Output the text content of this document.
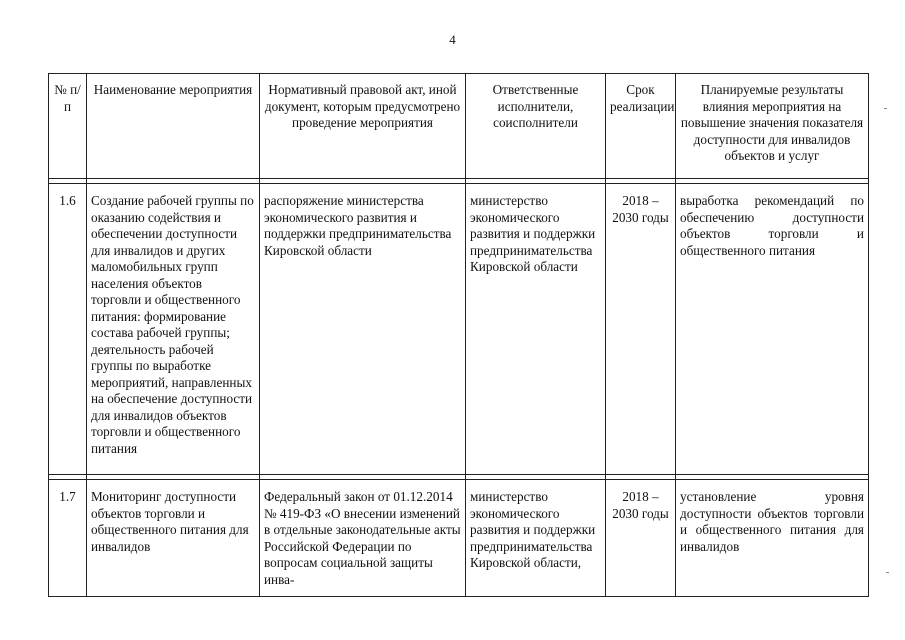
4
№ п/п	Наименование мероприятия	Нормативный правовой акт, иной документ, которым предусмотрено проведение мероприятия	Ответственные исполнители, соисполнители	Срок реализации	Планируемые результаты влияния мероприятия на повышение значения показателя доступности для инвалидов объектов и услуг

1.6	Создание рабочей группы по оказанию содействия и обеспечении доступности для инвалидов и других маломобильных групп населения объектов торговли и общественного питания: формирование состава рабочей группы; деятельность рабочей группы по выработке мероприятий, направленных на обеспечение доступности для инвалидов объектов торговли и общественного питания	распоряжение министерства экономического развития и поддержки предпринимательства Кировской области	министерство экономического развития и поддержки предпринимательства Кировской области	2018 – 2030 годы	выработка рекомендаций по обеспечению доступности объектов торговли и общественного питания

1.7	Мониторинг доступности объектов торговли и общественного питания для инвалидов	Федеральный закон от 01.12.2014 № 419-ФЗ «О внесении изменений в отдельные законодательные акты Российской Федерации по вопросам социальной защиты инва-	министерство экономического развития и поддержки предпринимательства Кировской области,	2018 – 2030 годы	установление уровня доступности объектов торговли и общественного питания для инвалидов
